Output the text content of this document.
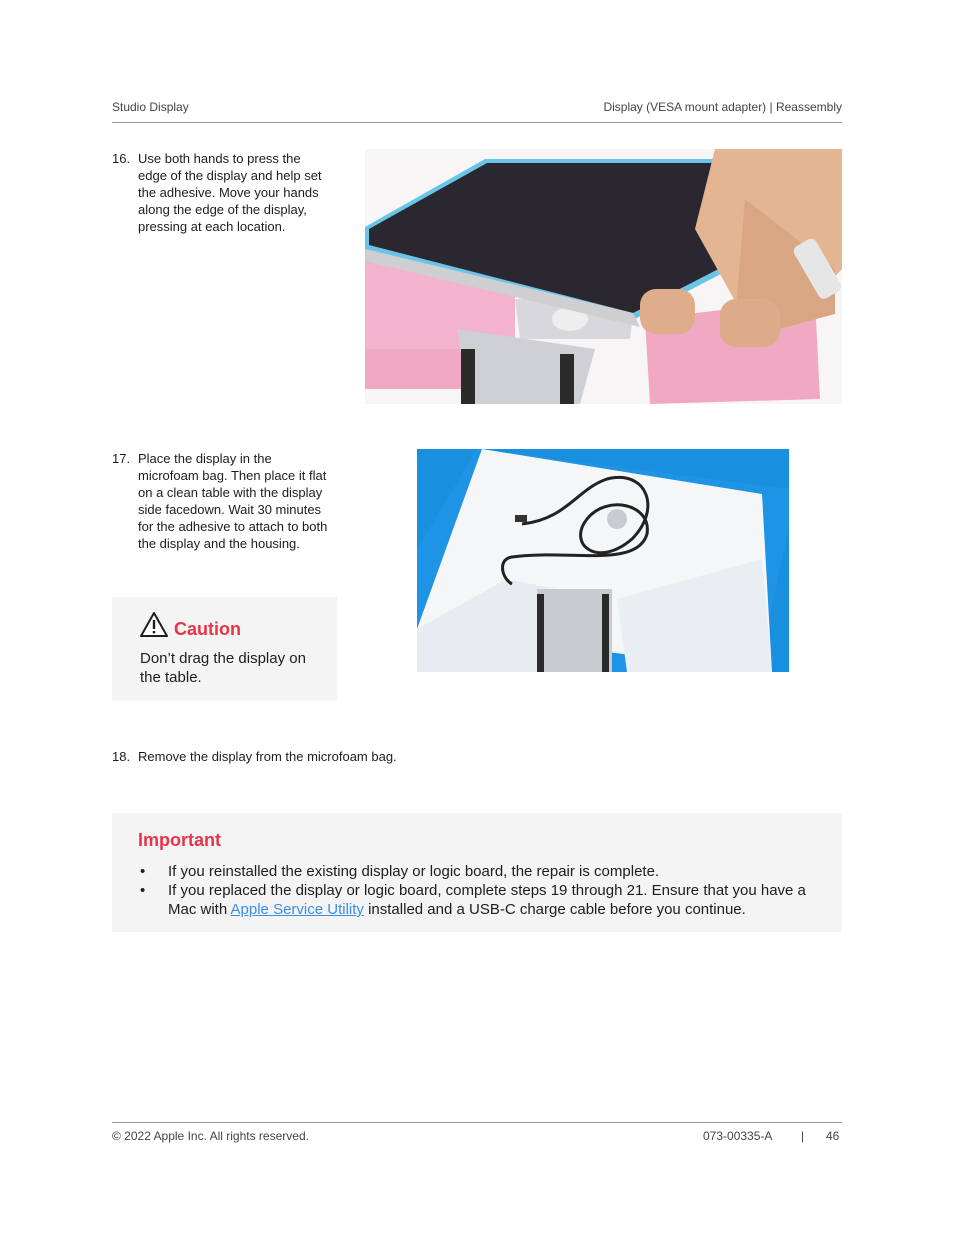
Studio Display	Display (VESA mount adapter) | Reassembly
16. Use both hands to press the edge of the display and help set the adhesive. Move your hands along the edge of the display, pressing at each location.
17. Place the display in the microfoam bag. Then place it flat on a clean table with the display side facedown. Wait 30 minutes for the adhesive to attach to both the display and the housing.
Caution
Don’t drag the display on the table.
18. Remove the display from the microfoam bag.
Important
• If you reinstalled the existing display or logic board, the repair is complete.
• If you replaced the display or logic board, complete steps 19 through 21. Ensure that you have a Mac with Apple Service Utility installed and a USB-C charge cable before you continue.
© 2022 Apple Inc. All rights reserved.	073-00335-A | 46
